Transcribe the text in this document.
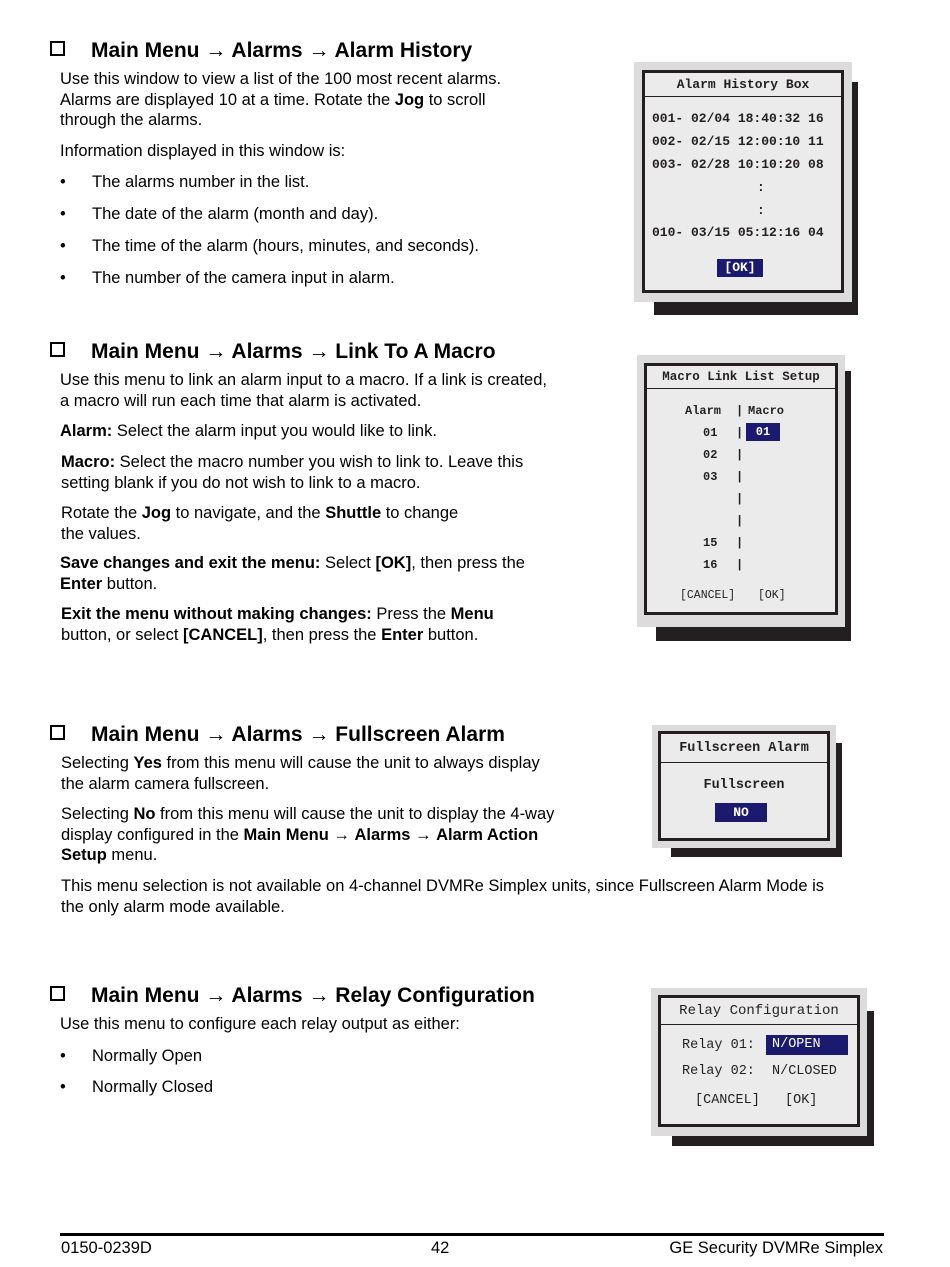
Main Menu → Alarms → Alarm History
Use this window to view a list of the 100 most recent alarms.
Alarms are displayed 10 at a time. Rotate the Jog to scroll
through the alarms.
Information displayed in this window is:
• The alarms number in the list.
• The date of the alarm (month and day).
• The time of the alarm (hours, minutes, and seconds).
• The number of the camera input in alarm.
Alarm History Box
001- 02/04 18:40:32 16
002- 02/15 12:00:10 11
003- 02/28 10:10:20 08
:
:
010- 03/15 05:12:16 04
[OK]
Main Menu → Alarms → Link To A Macro
Use this menu to link an alarm input to a macro. If a link is created,
a macro will run each time that alarm is activated.
Alarm: Select the alarm input you would like to link.
Macro: Select the macro number you wish to link to. Leave this
setting blank if you do not wish to link to a macro.
Rotate the Jog to navigate, and the Shuttle to change
the values.
Save changes and exit the menu: Select [OK], then press the
Enter button.
Exit the menu without making changes: Press the Menu
button, or select [CANCEL], then press the Enter button.
Macro Link List Setup
Alarm | Macro
01 |	01
02 |
03 |
|
|
15 |
16 |
[CANCEL] [OK]
Main Menu → Alarms → Fullscreen Alarm
Selecting Yes from this menu will cause the unit to always display
the alarm camera fullscreen.
Selecting No from this menu will cause the unit to display the 4-way
display configured in the Main Menu → Alarms → Alarm Action
Setup menu.
This menu selection is not available on 4-channel DVMRe Simplex units, since Fullscreen Alarm Mode is
the only alarm mode available.
Fullscreen Alarm
Fullscreen
NO
Main Menu → Alarms → Relay Configuration
Use this menu to configure each relay output as either:
• Normally Open
• Normally Closed
Relay Configuration
Relay 01:	N/OPEN
Relay 02: N/CLOSED
[CANCEL] [OK]
0150-0239D	42	GE Security DVMRe Simplex
